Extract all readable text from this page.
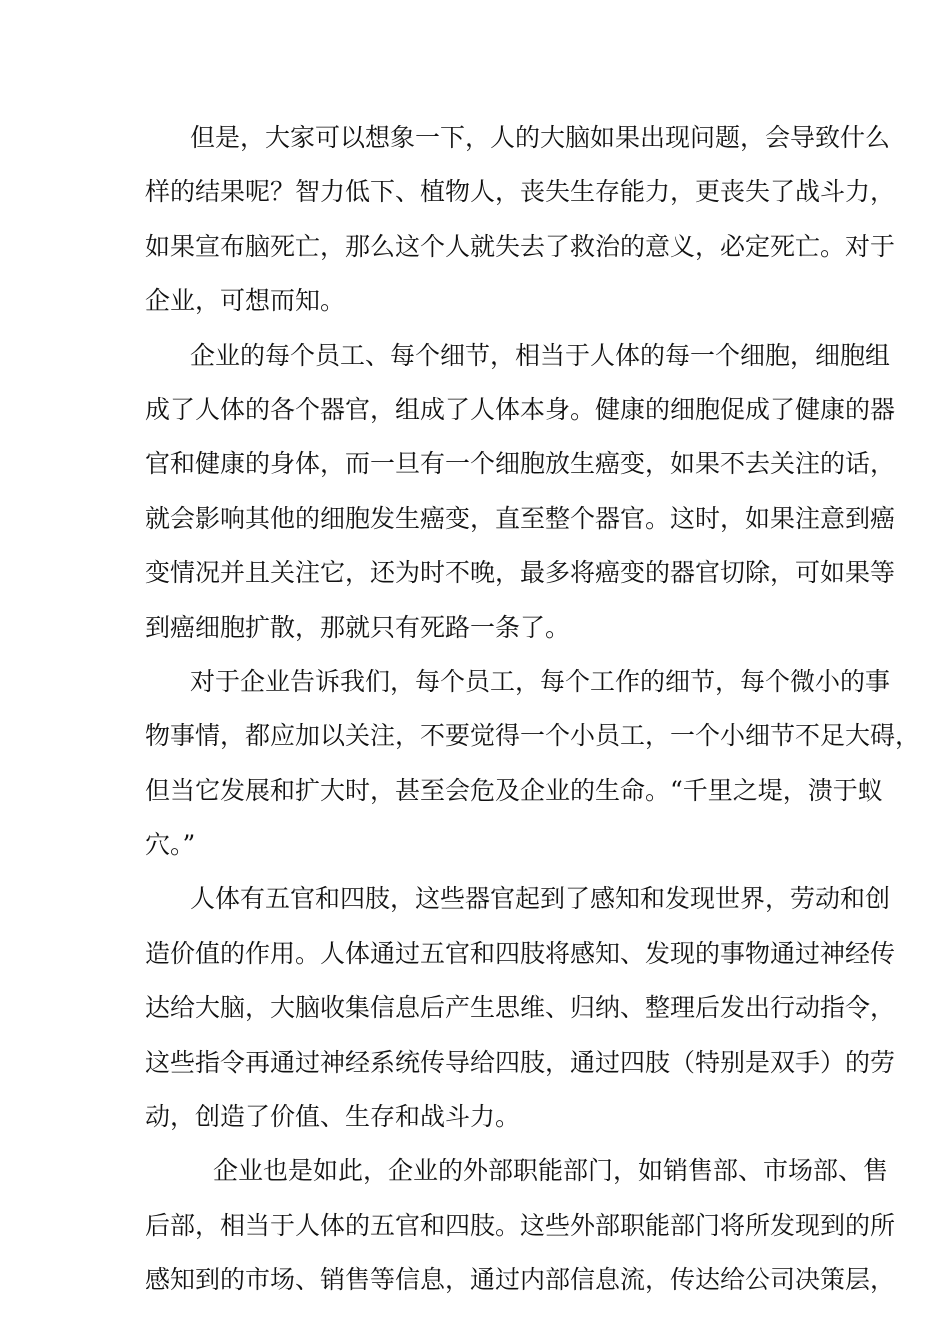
但是，大家可以想象一下，人的大脑如果出现问题，会导致什么
样的结果呢？智力低下、植物人，丧失生存能力，更丧失了战斗力，
如果宣布脑死亡，那么这个人就失去了救治的意义，必定死亡。对于
企业，可想而知。
企业的每个员工、每个细节，相当于人体的每一个细胞，细胞组
成了人体的各个器官，组成了人体本身。健康的细胞促成了健康的器
官和健康的身体，而一旦有一个细胞放生癌变，如果不去关注的话，
就会影响其他的细胞发生癌变，直至整个器官。这时，如果注意到癌
变情况并且关注它，还为时不晚，最多将癌变的器官切除，可如果等
到癌细胞扩散，那就只有死路一条了。
对于企业告诉我们，每个员工，每个工作的细节，每个微小的事
物事情，都应加以关注，不要觉得一个小员工，一个小细节不足大碍，
但当它发展和扩大时，甚至会危及企业的生命。“千里之堤，溃于蚁
穴。”
人体有五官和四肢，这些器官起到了感知和发现世界，劳动和创
造价值的作用。人体通过五官和四肢将感知、发现的事物通过神经传
达给大脑，大脑收集信息后产生思维、归纳、整理后发出行动指令，
这些指令再通过神经系统传导给四肢，通过四肢（特别是双手）的劳
动，创造了价值、生存和战斗力。
企业也是如此，企业的外部职能部门，如销售部、市场部、售
后部，相当于人体的五官和四肢。这些外部职能部门将所发现到的所
感知到的市场、销售等信息，通过内部信息流，传达给公司决策层，
